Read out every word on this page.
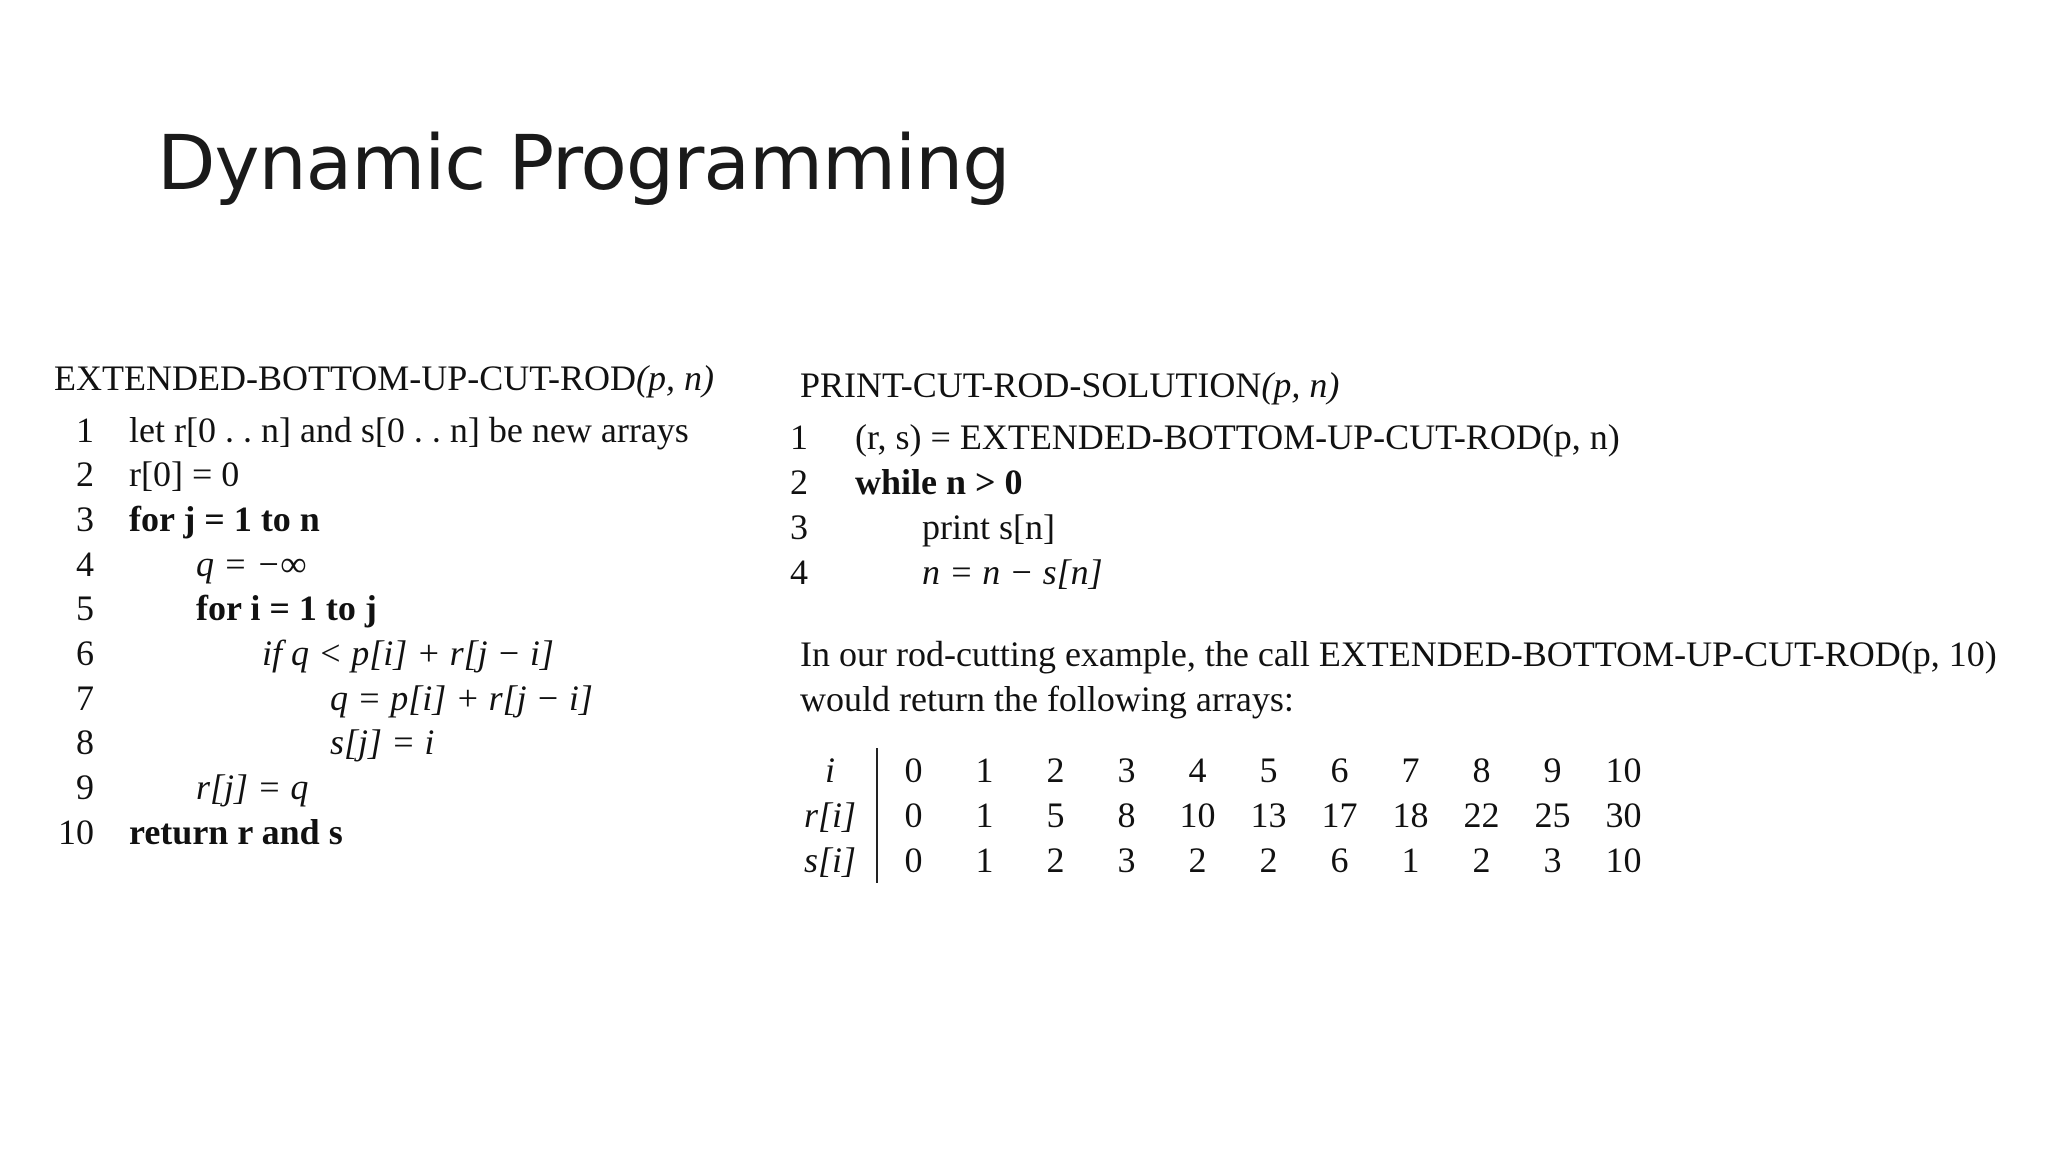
Dynamic Programming
EXTENDED-BOTTOM-UP-CUT-ROD(p, n)
1 let r[0 . . n] and s[0 . . n] be new arrays
2 r[0] = 0
3 for j = 1 to n
4	q = −∞
5	for i = 1 to j
6	if q < p[i] + r[j − i]
7	q = p[i] + r[j − i]
8	s[j] = i
9	r[j] = q
10 return r and s
PRINT-CUT-ROD-SOLUTION(p, n)
1	(r, s) = EXTENDED-BOTTOM-UP-CUT-ROD(p, n)
2	while n > 0
3	print s[n]
4	n = n − s[n]
In our rod-cutting example, the call EXTENDED-BOTTOM-UP-CUT-ROD(p, 10)
would return the following arrays:
i	0	1	2	3	4	5	6	7	8	9	10
r[i]	0	1	5	8	10	13	17	18	22	25	30
s[i]	0	1	2	3	2	2	6	1	2	3	10
